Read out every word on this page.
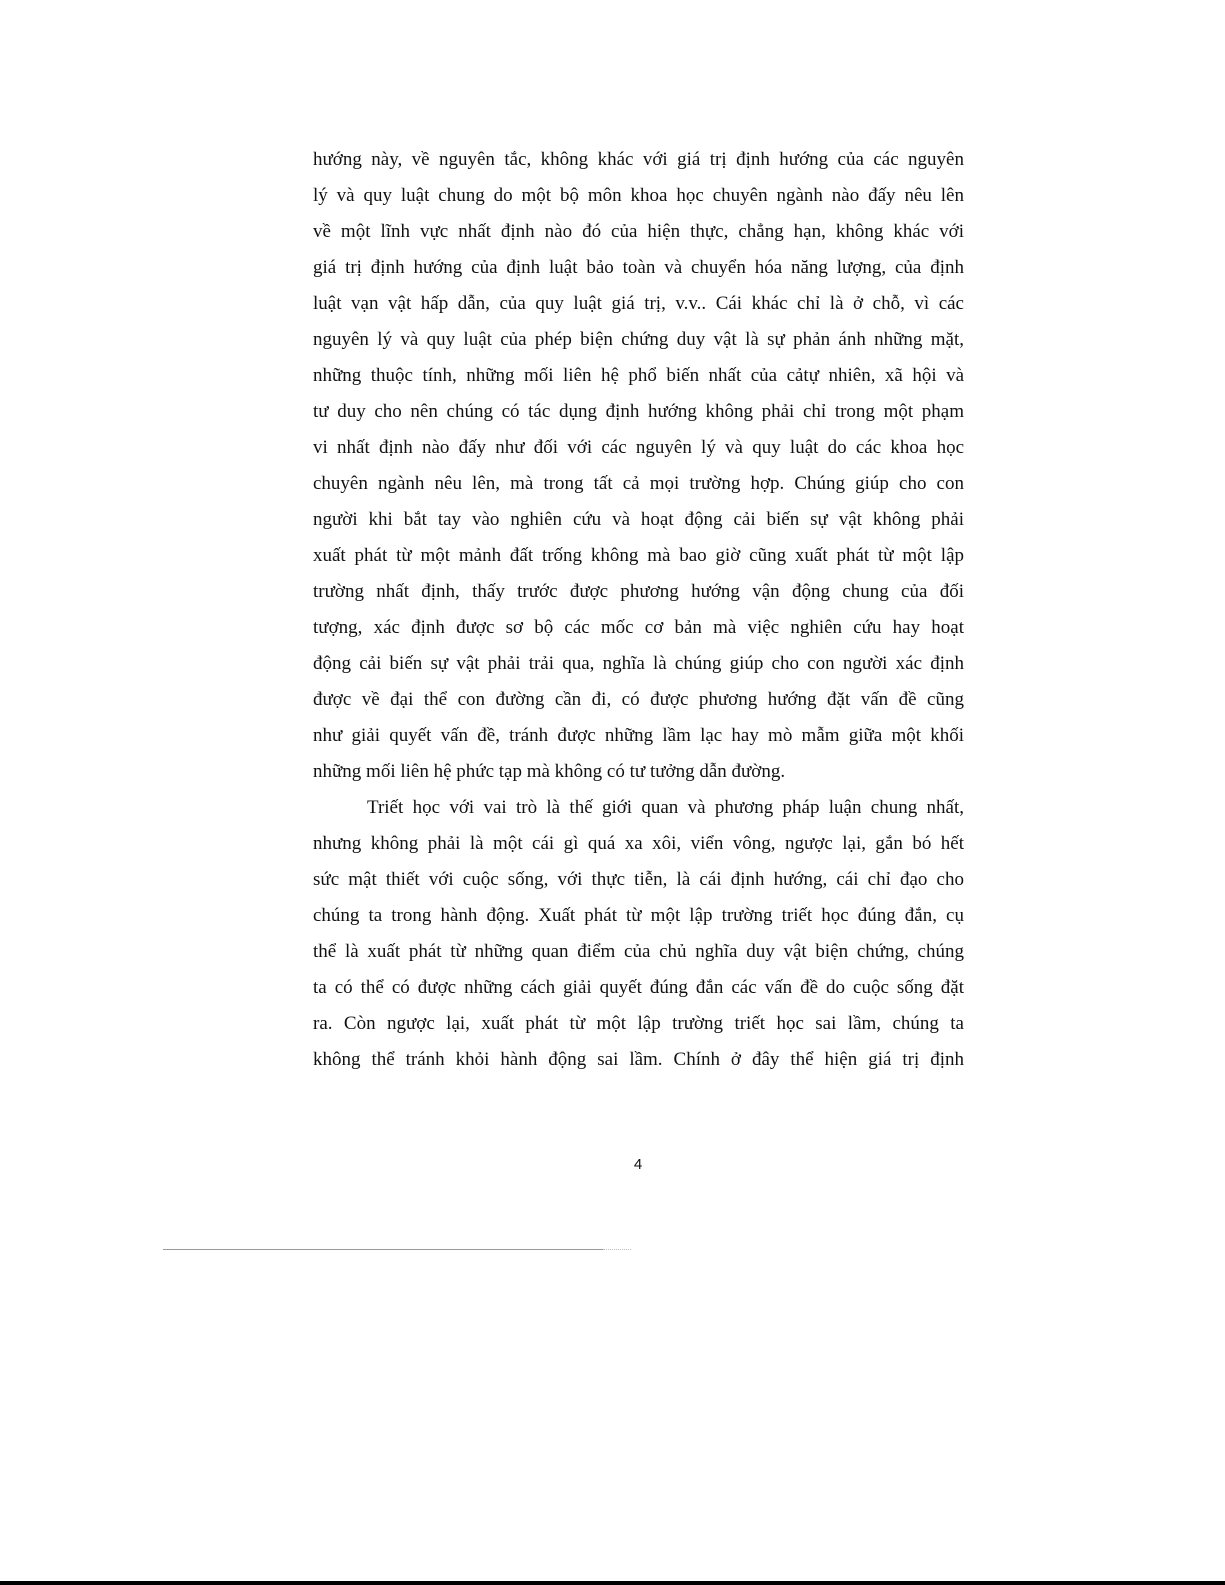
hướng này, về nguyên tắc, không khác với giá trị định hướng của các nguyên
lý và quy luật chung do một bộ môn khoa học chuyên ngành nào đấy nêu lên
về một lĩnh vực nhất định nào đó của hiện thực, chẳng hạn, không khác với
giá trị định hướng của định luật bảo toàn và chuyển hóa năng lượng, của định
luật vạn vật hấp dẫn, của quy luật giá trị, v.v.. Cái khác chỉ là ở chỗ, vì các
nguyên lý và quy luật của phép biện chứng duy vật là sự phản ánh những mặt,
những thuộc tính, những mối liên hệ phổ biến nhất của cảtự nhiên, xã hội và
tư duy cho nên chúng có tác dụng định hướng không phải chỉ trong một phạm
vi nhất định nào đấy như đối với các nguyên lý và quy luật do các khoa học
chuyên ngành nêu lên, mà trong tất cả mọi trường hợp. Chúng giúp cho con
người khi bắt tay vào nghiên cứu và hoạt động cải biến sự vật không phải
xuất phát từ một mảnh đất trống không mà bao giờ cũng xuất phát từ một lập
trường nhất định, thấy trước được phương hướng vận động chung của đối
tượng, xác định được sơ bộ các mốc cơ bản mà việc nghiên cứu hay hoạt
động cải biến sự vật phải trải qua, nghĩa là chúng giúp cho con người xác định
được về đại thể con đường cần đi, có được phương hướng đặt vấn đề cũng
như giải quyết vấn đề, tránh được những lầm lạc hay mò mẫm giữa một khối
những mối liên hệ phức tạp mà không có tư tưởng dẫn đường.
Triết học với vai trò là thế giới quan và phương pháp luận chung nhất,
nhưng không phải là một cái gì quá xa xôi, viển vông, ngược lại, gắn bó hết
sức mật thiết với cuộc sống, với thực tiễn, là cái định hướng, cái chỉ đạo cho
chúng ta trong hành động. Xuất phát từ một lập trường triết học đúng đắn, cụ
thể là xuất phát từ những quan điểm của chủ nghĩa duy vật biện chứng, chúng
ta có thể có được những cách giải quyết đúng đắn các vấn đề do cuộc sống đặt
ra. Còn ngược lại, xuất phát từ một lập trường triết học sai lầm, chúng ta
không thể tránh khỏi hành động sai lầm. Chính ở đây thể hiện giá trị định
4
